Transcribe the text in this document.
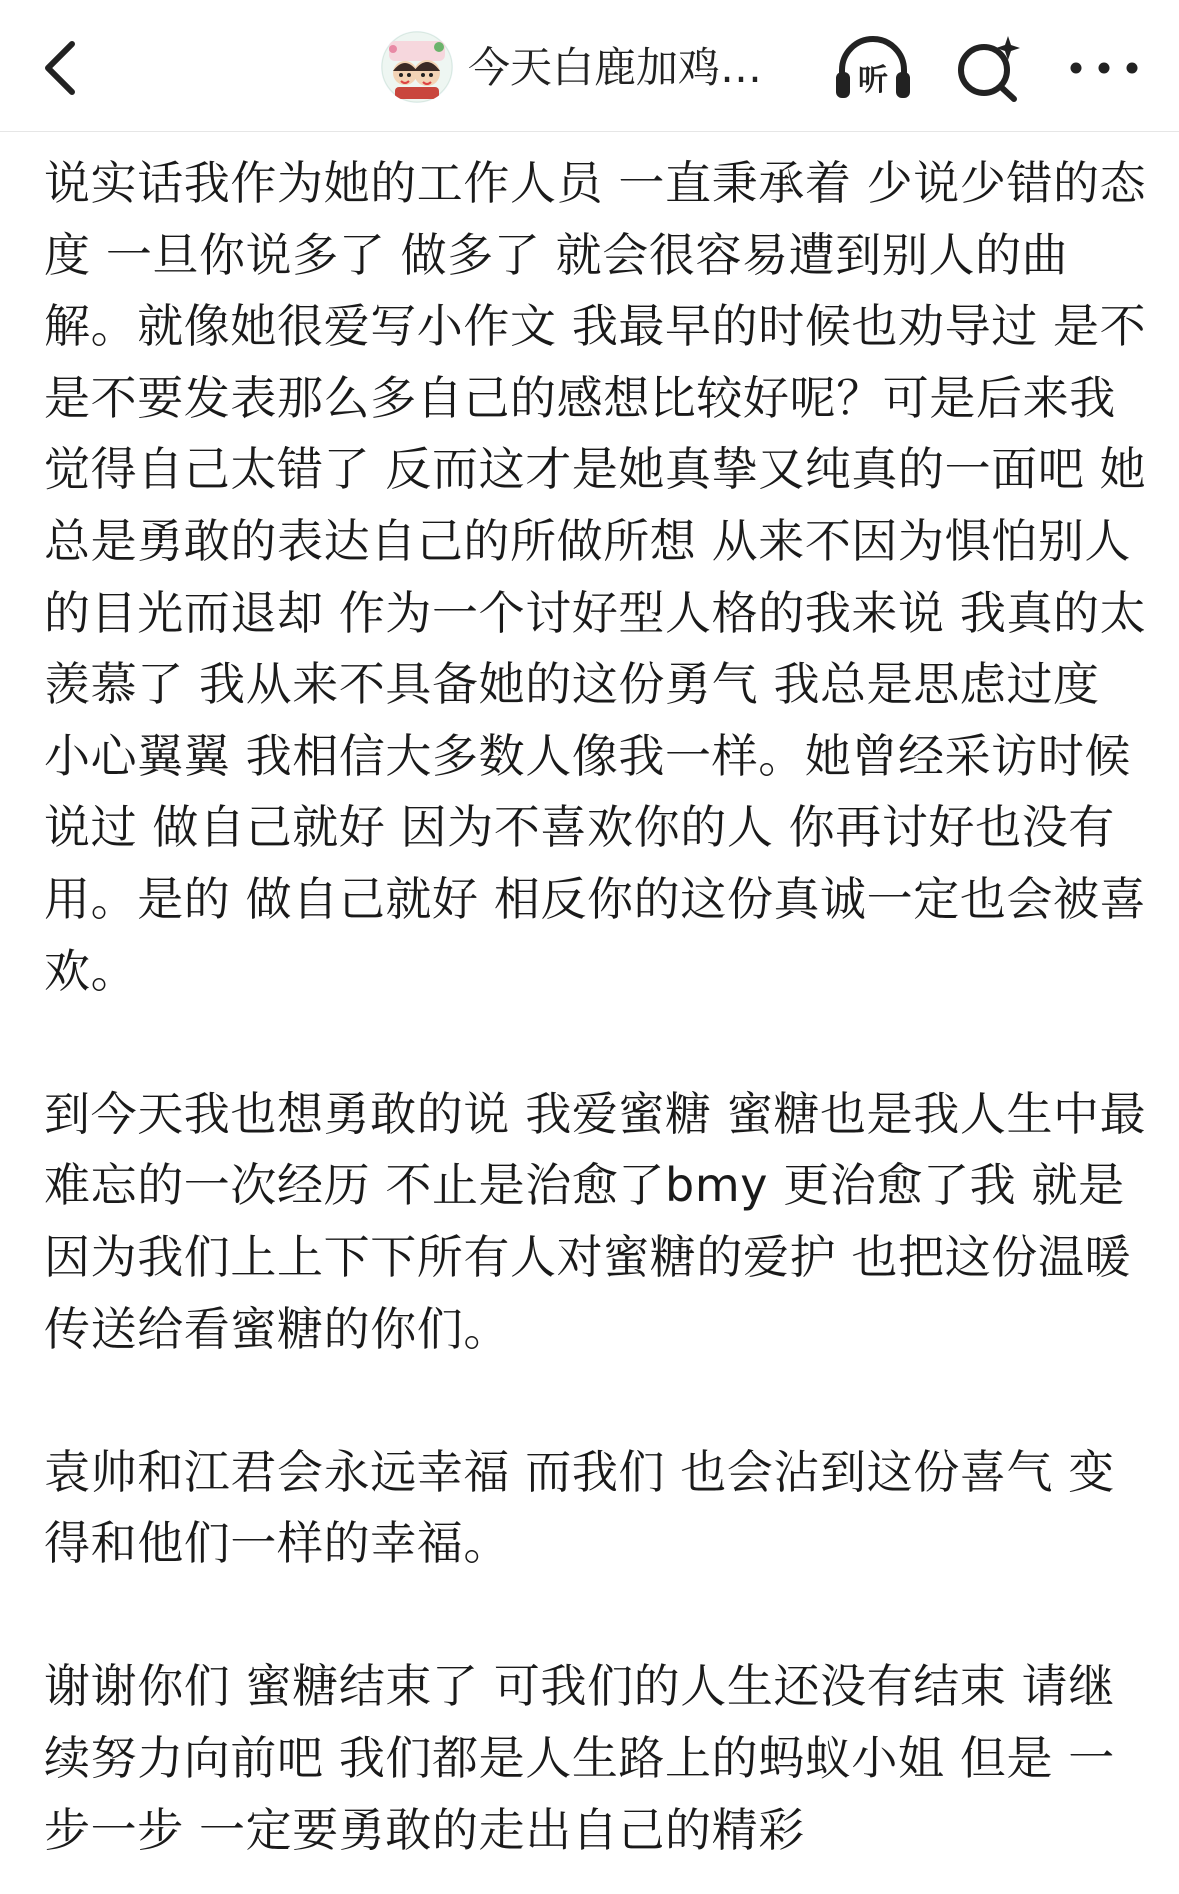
今天白鹿加鸡…	听

说实话我作为她的工作人员 一直秉承着 少说少错的态度 一旦你说多了 做多了 就会很容易遭到别人的曲解。就像她很爱写小作文 我最早的时候也劝导过 是不是不要发表那么多自己的感想比较好呢？可是后来我觉得自己太错了 反而这才是她真挚又纯真的一面吧 她总是勇敢的表达自己的所做所想 从来不因为惧怕别人的目光而退却 作为一个讨好型人格的我来说 我真的太羡慕了 我从来不具备她的这份勇气 我总是思虑过度 小心翼翼 我相信大多数人像我一样。她曾经采访时候说过 做自己就好 因为不喜欢你的人 你再讨好也没有用。是的 做自己就好 相反你的这份真诚一定也会被喜欢。

到今天我也想勇敢的说 我爱蜜糖 蜜糖也是我人生中最难忘的一次经历 不止是治愈了bmy 更治愈了我 就是因为我们上上下下所有人对蜜糖的爱护 也把这份温暖传送给看蜜糖的你们。

袁帅和江君会永远幸福 而我们 也会沾到这份喜气 变得和他们一样的幸福。

谢谢你们 蜜糖结束了 可我们的人生还没有结束 请继续努力向前吧 我们都是人生路上的蚂蚁小姐 但是 一步一步 一定要勇敢的走出自己的精彩
